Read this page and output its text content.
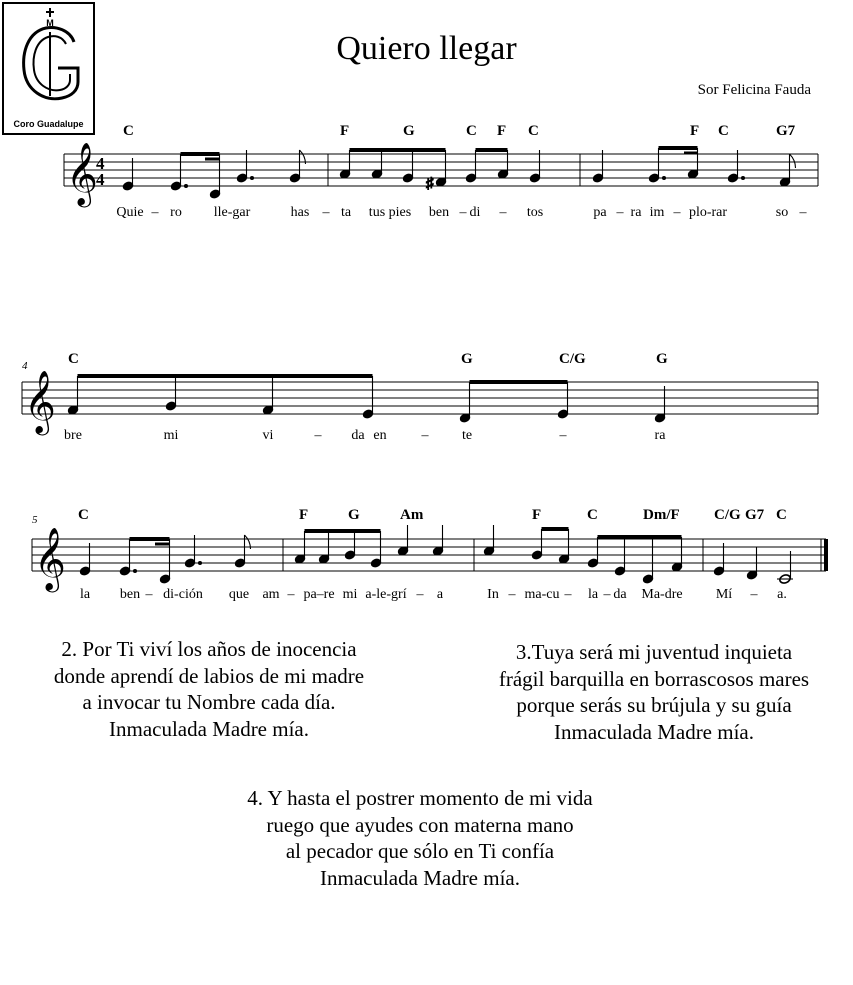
M
Coro Guadalupe
Quiero llegar
Sor Felicina Fauda
C	F	G	C F C	F C	G7
𝄞
4
4	♯
Quie – ro lle-gar	has – ta tus pies ben – di – tos	pa – ra im – plo-rar	so –
4	C	G	C/G	G
𝄞
bre	mi	vi	– da en – te	–	ra
5	C	F	G	Am	F	C	Dm/F C/G G7 C
𝄞
la ben – di-ción que am – pa–re mi a-le-grí – a	In – ma-cu – la – da Ma-dre Mí – a.
2. Por Ti viví los años de inocencia
donde aprendí de labios de mi madre
a invocar tu Nombre cada día.
Inmaculada Madre mía.
3.Tuya será mi juventud inquieta
frágil barquilla en borrascosos mares
porque serás su brújula y su guía
Inmaculada Madre mía.
4. Y hasta el postrer momento de mi vida
ruego que ayudes con materna mano
al pecador que sólo en Ti confía
Inmaculada Madre mía.
